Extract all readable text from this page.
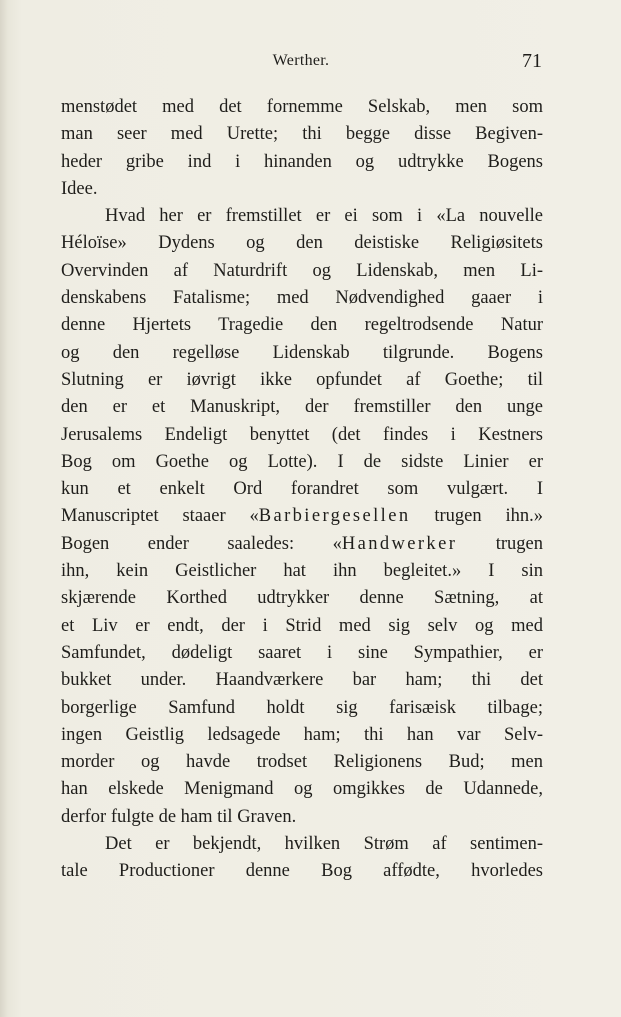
Werther.	71
menstødet med det fornemme Selskab, men som
man seer med Urette; thi begge disse Begiven-
heder gribe ind i hinanden og udtrykke Bogens
Idee.
Hvad her er fremstillet er ei som i «La nouvelle
Héloïse» Dydens og den deistiske Religiøsitets
Overvinden af Naturdrift og Lidenskab, men Li-
denskabens Fatalisme; med Nødvendighed gaaer i
denne Hjertets Tragedie den regeltrodsende Natur
og den regelløse Lidenskab tilgrunde. Bogens
Slutning er iøvrigt ikke opfundet af Goethe; til
den er et Manuskript, der fremstiller den unge
Jerusalems Endeligt benyttet (det findes i Kestners
Bog om Goethe og Lotte). I de sidste Linier er
kun et enkelt Ord forandret som vulgært. I
Manuscriptet staaer «Barbiergesellen trugen ihn.»
Bogen ender saaledes: «Handwerker trugen
ihn, kein Geistlicher hat ihn begleitet.» I sin
skjærende Korthed udtrykker denne Sætning, at
et Liv er endt, der i Strid med sig selv og med
Samfundet, dødeligt saaret i sine Sympathier, er
bukket under. Haandværkere bar ham; thi det
borgerlige Samfund holdt sig farisæisk tilbage;
ingen Geistlig ledsagede ham; thi han var Selv-
morder og havde trodset Religionens Bud; men
han elskede Menigmand og omgikkes de Udannede,
derfor fulgte de ham til Graven.
Det er bekjendt, hvilken Strøm af sentimen-
tale Productioner denne Bog affødte, hvorledes
